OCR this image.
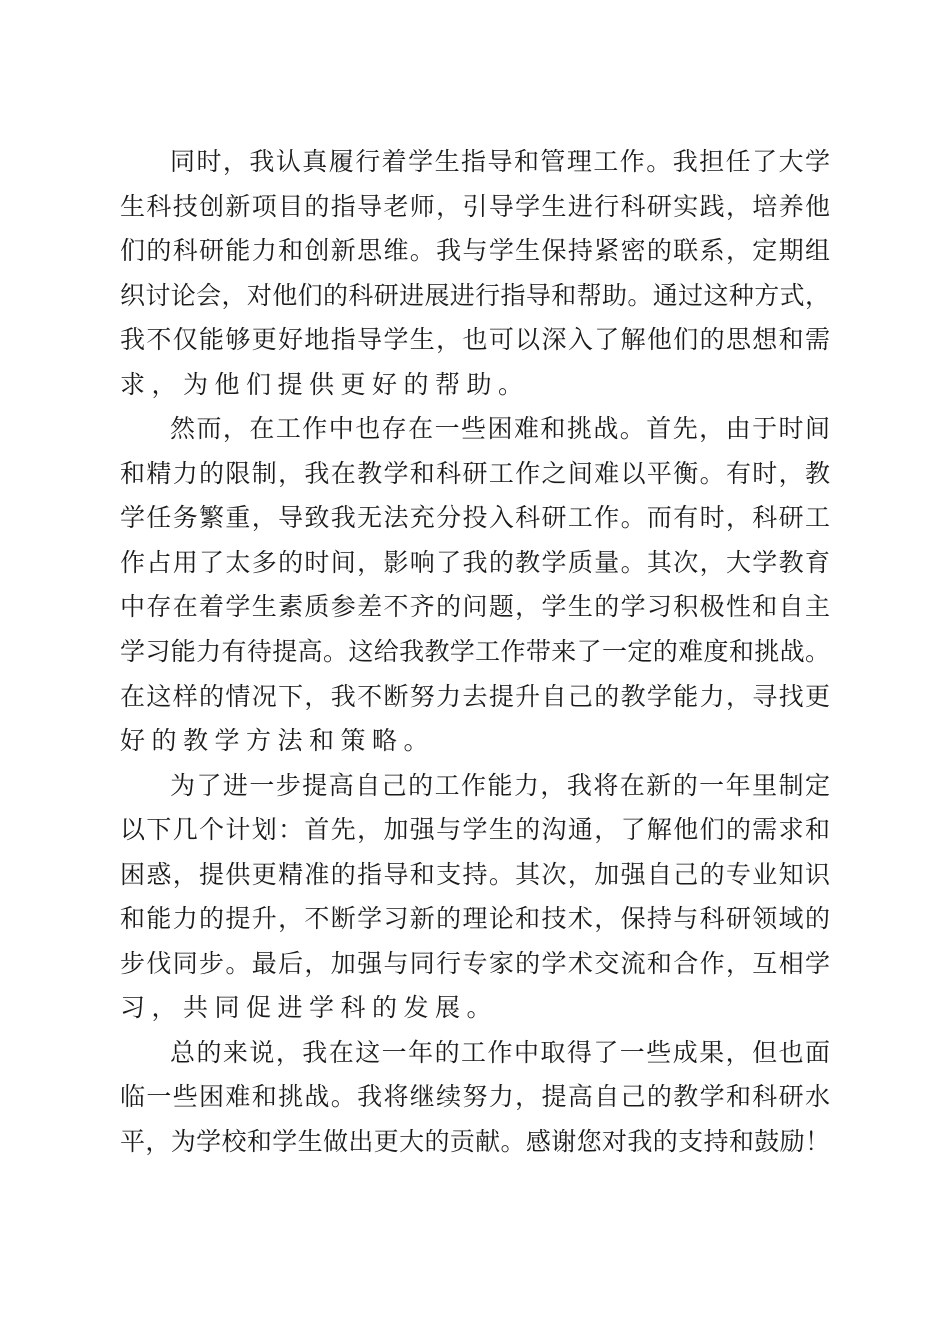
同时，我认真履行着学生指导和管理工作。我担任了大学
生科技创新项目的指导老师，引导学生进行科研实践，培养他
们的科研能力和创新思维。我与学生保持紧密的联系，定期组
织讨论会，对他们的科研进展进行指导和帮助。通过这种方式，
我不仅能够更好地指导学生，也可以深入了解他们的思想和需
求，为他们提供更好的帮助。
然而，在工作中也存在一些困难和挑战。首先，由于时间
和精力的限制，我在教学和科研工作之间难以平衡。有时，教
学任务繁重，导致我无法充分投入科研工作。而有时，科研工
作占用了太多的时间，影响了我的教学质量。其次，大学教育
中存在着学生素质参差不齐的问题，学生的学习积极性和自主
学习能力有待提高。这给我教学工作带来了一定的难度和挑战。
在这样的情况下，我不断努力去提升自己的教学能力，寻找更
好的教学方法和策略。
为了进一步提高自己的工作能力，我将在新的一年里制定
以下几个计划：首先，加强与学生的沟通，了解他们的需求和
困惑，提供更精准的指导和支持。其次，加强自己的专业知识
和能力的提升，不断学习新的理论和技术，保持与科研领域的
步伐同步。最后，加强与同行专家的学术交流和合作，互相学
习，共同促进学科的发展。
总的来说，我在这一年的工作中取得了一些成果，但也面
临一些困难和挑战。我将继续努力，提高自己的教学和科研水
平，为学校和学生做出更大的贡献。感谢您对我的支持和鼓励！
